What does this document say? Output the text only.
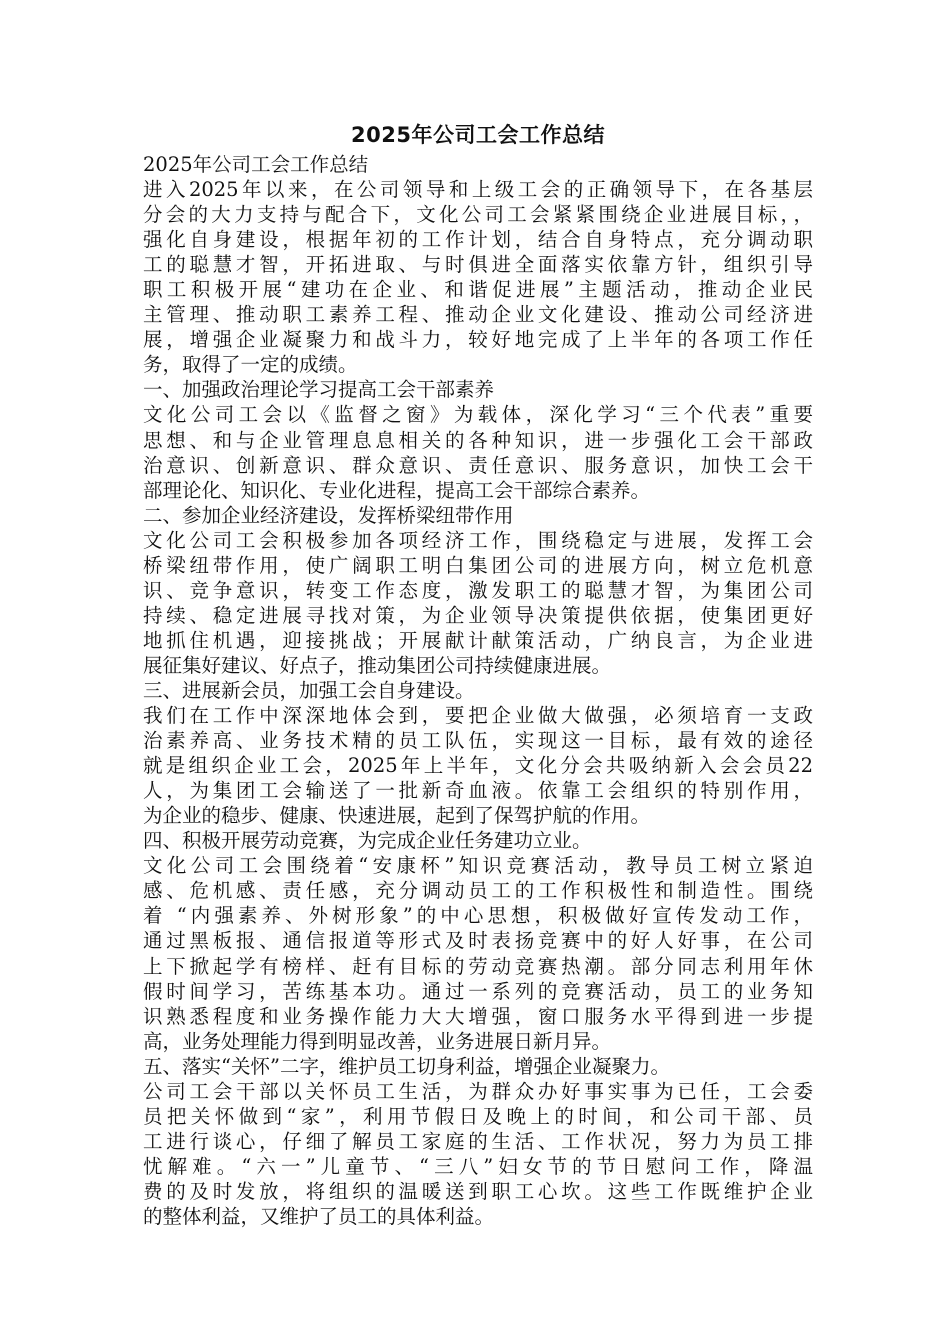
2025年公司工会工作总结

2025年公司工会工作总结

进入2025年以来，在公司领导和上级工会的正确领导下，在各基层

分会的大力支持与配合下，文化公司工会紧紧围绕企业进展目标，，

强化自身建设，根据年初的工作计划，结合自身特点，充分调动职

工的聪慧才智，开拓进取、与时俱进全面落实依靠方针，组织引导

职工积极开展“建功在企业、和谐促进展”主题活动，推动企业民

主管理、推动职工素养工程、推动企业文化建设、推动公司经济进

展，增强企业凝聚力和战斗力，较好地完成了上半年的各项工作任

务，取得了一定的成绩。

一、加强政治理论学习提高工会干部素养

文化公司工会以《监督之窗》为载体，深化学习“三个代表”重要

思想、和与企业管理息息相关的各种知识，进一步强化工会干部政

治意识、创新意识、群众意识、责任意识、服务意识，加快工会干

部理论化、知识化、专业化进程，提高工会干部综合素养。

二、参加企业经济建设，发挥桥梁纽带作用

文化公司工会积极参加各项经济工作，围绕稳定与进展，发挥工会

桥梁纽带作用，使广阔职工明白集团公司的进展方向，树立危机意

识、竞争意识，转变工作态度，激发职工的聪慧才智，为集团公司

持续、稳定进展寻找对策，为企业领导决策提供依据，使集团更好

地抓住机遇，迎接挑战；开展献计献策活动，广纳良言，为企业进

展征集好建议、好点子，推动集团公司持续健康进展。

三、进展新会员，加强工会自身建设。

我们在工作中深深地体会到，要把企业做大做强，必须培育一支政

治素养高、业务技术精的员工队伍，实现这一目标，最有效的途径

就是组织企业工会，2025年上半年，文化分会共吸纳新入会会员22

人，为集团工会输送了一批新奇血液。依靠工会组织的特别作用，

为企业的稳步、健康、快速进展，起到了保驾护航的作用。

四、积极开展劳动竞赛，为完成企业任务建功立业。

文化公司工会围绕着“安康杯”知识竞赛活动，教导员工树立紧迫

感、危机感、责任感，充分调动员工的工作积极性和制造性。围绕

着 “内强素养、外树形象”的中心思想，积极做好宣传发动工作，

通过黑板报、通信报道等形式及时表扬竞赛中的好人好事，在公司

上下掀起学有榜样、赶有目标的劳动竞赛热潮。部分同志利用年休

假时间学习，苦练基本功。通过一系列的竞赛活动，员工的业务知

识熟悉程度和业务操作能力大大增强，窗口服务水平得到进一步提

高，业务处理能力得到明显改善，业务进展日新月异。

五、落实“关怀”二字，维护员工切身利益，增强企业凝聚力。

公司工会干部以关怀员工生活，为群众办好事实事为已任，工会委

员把关怀做到“家”，利用节假日及晚上的时间，和公司干部、员

工进行谈心，仔细了解员工家庭的生活、工作状况，努力为员工排

忧解难。“六一”儿童节、“三八”妇女节的节日慰问工作，降温

费的及时发放，将组织的温暖送到职工心坎。这些工作既维护企业

的整体利益，又维护了员工的具体利益。
